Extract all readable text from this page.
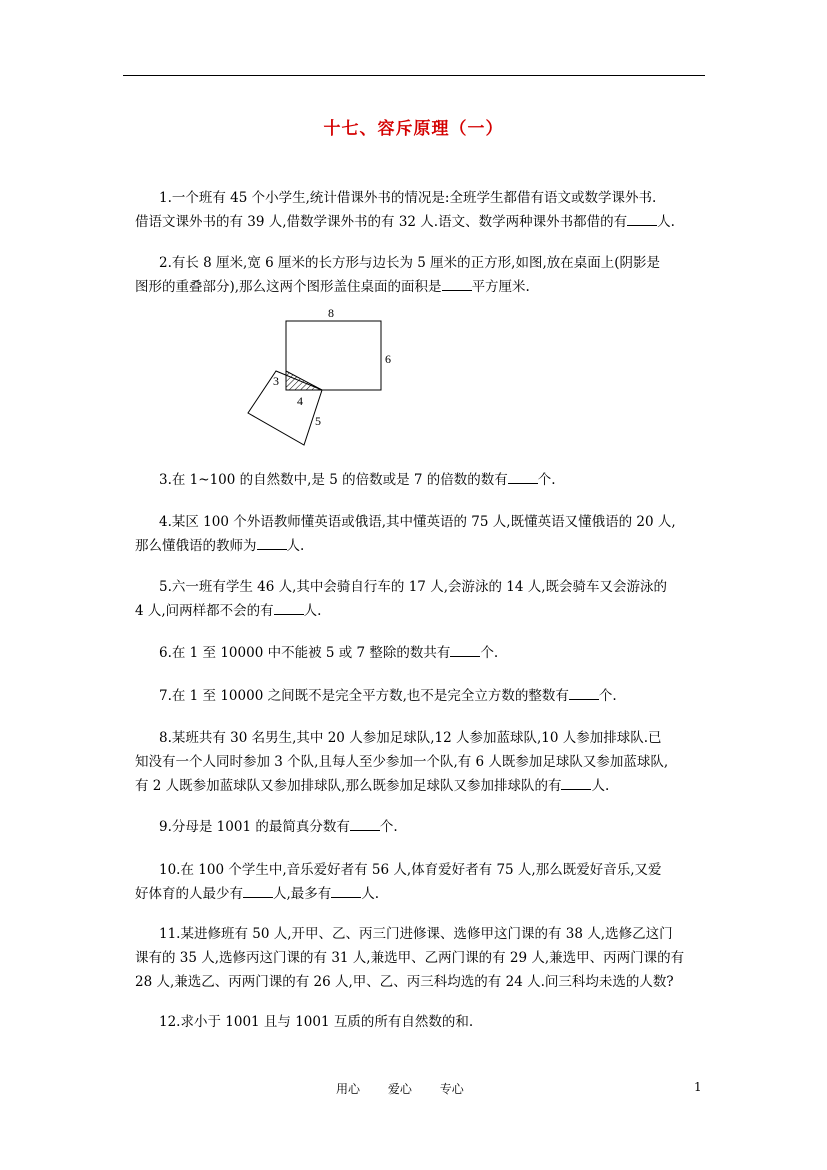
十七、容斥原理（一）
1.一个班有 45 个小学生,统计借课外书的情况是:全班学生都借有语文或数学课外书.
借语文课外书的有 39 人,借数学课外书的有 32 人.语文、数学两种课外书都借的有 人.
2.有长 8 厘米,宽 6 厘米的长方形与边长为 5 厘米的正方形,如图,放在桌面上(阴影是
图形的重叠部分),那么这两个图形盖住桌面的面积是 平方厘米.
8
6
3
4
5
3.在 1~100 的自然数中,是 5 的倍数或是 7 的倍数的数有 个.
4.某区 100 个外语教师懂英语或俄语,其中懂英语的 75 人,既懂英语又懂俄语的 20 人,
那么懂俄语的教师为 人.
5.六一班有学生 46 人,其中会骑自行车的 17 人,会游泳的 14 人,既会骑车又会游泳的
4 人,问两样都不会的有 人.
6.在 1 至 10000 中不能被 5 或 7 整除的数共有 个.
7.在 1 至 10000 之间既不是完全平方数,也不是完全立方数的整数有 个.
8.某班共有 30 名男生,其中 20 人参加足球队,12 人参加蓝球队,10 人参加排球队.已
知没有一个人同时参加 3 个队,且每人至少参加一个队,有 6 人既参加足球队又参加蓝球队,
有 2 人既参加蓝球队又参加排球队,那么既参加足球队又参加排球队的有 人.
9.分母是 1001 的最简真分数有 个.
10.在 100 个学生中,音乐爱好者有 56 人,体育爱好者有 75 人,那么既爱好音乐,又爱
好体育的人最少有 人,最多有 人.
11.某进修班有 50 人,开甲、乙、丙三门进修课、选修甲这门课的有 38 人,选修乙这门
课有的 35 人,选修丙这门课的有 31 人,兼选甲、乙两门课的有 29 人,兼选甲、丙两门课的有
28 人,兼选乙、丙两门课的有 26 人,甲、乙、丙三科均选的有 24 人.问三科均未选的人数?
12.求小于 1001 且与 1001 互质的所有自然数的和.
用心 爱心 专心	1
